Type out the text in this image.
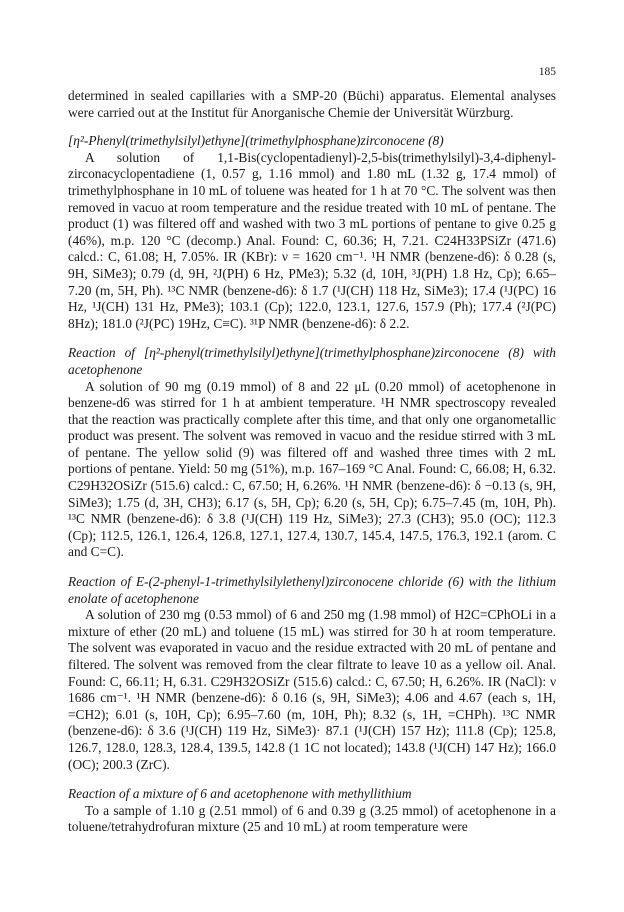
185

determined in sealed capillaries with a SMP-20 (Büchi) apparatus. Elemental analyses were carried out at the Institut für Anorganische Chemie der Universität Würzburg.

[η²-Phenyl(trimethylsilyl)ethyne](trimethylphosphane)zirconocene (8)

A solution of 1,1-Bis(cyclopentadienyl)-2,5-bis(trimethylsilyl)-3,4-diphenyl-zirconacyclopentadiene (1, 0.57 g, 1.16 mmol) and 1.80 mL (1.32 g, 17.4 mmol) of trimethylphosphane in 10 mL of toluene was heated for 1 h at 70 °C. The solvent was then removed in vacuo at room temperature and the residue treated with 10 mL of pentane. The product (1) was filtered off and washed with two 3 mL portions of pentane to give 0.25 g (46%), m.p. 120 °C (decomp.) Anal. Found: C, 60.36; H, 7.21. C24H33PSiZr (471.6) calcd.: C, 61.08; H, 7.05%. IR (KBr): ν = 1620 cm⁻¹. ¹H NMR (benzene-d6): δ 0.28 (s, 9H, SiMe3); 0.79 (d, 9H, ²J(PH) 6 Hz, PMe3); 5.32 (d, 10H, ³J(PH) 1.8 Hz, Cp); 6.65–7.20 (m, 5H, Ph). ¹³C NMR (benzene-d6): δ 1.7 (¹J(CH) 118 Hz, SiMe3); 17.4 (¹J(PC) 16 Hz, ¹J(CH) 131 Hz, PMe3); 103.1 (Cp); 122.0, 123.1, 127.6, 157.9 (Ph); 177.4 (²J(PC) 8Hz); 181.0 (²J(PC) 19Hz, C≡C). ³¹P NMR (benzene-d6): δ 2.2.

Reaction of [η²-phenyl(trimethylsilyl)ethyne](trimethylphosphane)zirconocene (8) with acetophenone

A solution of 90 mg (0.19 mmol) of 8 and 22 μL (0.20 mmol) of acetophenone in benzene-d6 was stirred for 1 h at ambient temperature. ¹H NMR spectroscopy revealed that the reaction was practically complete after this time, and that only one organometallic product was present. The solvent was removed in vacuo and the residue stirred with 3 mL of pentane. The yellow solid (9) was filtered off and washed three times with 2 mL portions of pentane. Yield: 50 mg (51%), m.p. 167–169 °C Anal. Found: C, 66.08; H, 6.32. C29H32OSiZr (515.6) calcd.: C, 67.50; H, 6.26%. ¹H NMR (benzene-d6): δ −0.13 (s, 9H, SiMe3); 1.75 (d, 3H, CH3); 6.17 (s, 5H, Cp); 6.20 (s, 5H, Cp); 6.75–7.45 (m, 10H, Ph). ¹³C NMR (benzene-d6): δ 3.8 (¹J(CH) 119 Hz, SiMe3); 27.3 (CH3); 95.0 (OC); 112.3 (Cp); 112.5, 126.1, 126.4, 126.8, 127.1, 127.4, 130.7, 145.4, 147.5, 176.3, 192.1 (arom. C and C=C).

Reaction of E-(2-phenyl-1-trimethylsilylethenyl)zirconocene chloride (6) with the lithium enolate of acetophenone

A solution of 230 mg (0.53 mmol) of 6 and 250 mg (1.98 mmol) of H2C=CPhOLi in a mixture of ether (20 mL) and toluene (15 mL) was stirred for 30 h at room temperature. The solvent was evaporated in vacuo and the residue extracted with 20 mL of pentane and filtered. The solvent was removed from the clear filtrate to leave 10 as a yellow oil. Anal. Found: C, 66.11; H, 6.31. C29H32OSiZr (515.6) calcd.: C, 67.50; H, 6.26%. IR (NaCl): ν 1686 cm⁻¹. ¹H NMR (benzene-d6): δ 0.16 (s, 9H, SiMe3); 4.06 and 4.67 (each s, 1H, =CH2); 6.01 (s, 10H, Cp); 6.95–7.60 (m, 10H, Ph); 8.32 (s, 1H, =CHPh). ¹³C NMR (benzene-d6): δ 3.6 (¹J(CH) 119 Hz, SiMe3)· 87.1 (¹J(CH) 157 Hz); 111.8 (Cp); 125.8, 126.7, 128.0, 128.3, 128.4, 139.5, 142.8 (1 1C not located); 143.8 (¹J(CH) 147 Hz); 166.0 (OC); 200.3 (ZrC).

Reaction of a mixture of 6 and acetophenone with methyllithium

To a sample of 1.10 g (2.51 mmol) of 6 and 0.39 g (3.25 mmol) of acetophenone in a toluene/tetrahydrofuran mixture (25 and 10 mL) at room temperature were
